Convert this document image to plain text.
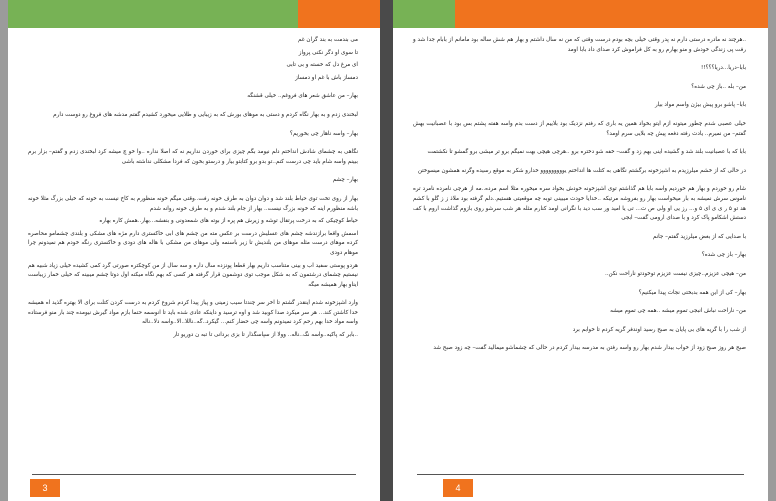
می بندمت به بند گران غم

تا سوی او دگر نکنی پرواز

ای مرغ دل که خسته و بی تابی

دمساز باش با غم او دمساز

بهار– من عاشق شعر های فروغم.. خیلی قشنگه

لبخندی زدم و به بهار نگاه کردم و دستی به موهای بورش که به زیبایی و طلایی میخورد کشیدم گفتم مدشه های فروغ رو دوست دارم

بهار– واسه ناهار چی بخوریم؟

نگاهی به چشمای شادش انداختم دلم نیومد بگم چیزی برای خوردن نداریم نه که اصلا نداره ..وا خو چ میشه کرد لبخندی زدم و گفتم– بزار برم ببینم واسه شام باید چی درست کنم..تو بدو برو کتابتو بیار و درستو بخون که فردا مشکلی نداشته باشی

بهار– چشم

بهار از روی تخت توی حیاط بلند شد و دوان دوان به طرف خونه رفت..وقتی میگم خونه منظورم به کاخ نیست به خونه که خیلی بزرگ مثلا خونه باشه منظورم اینه که خونه بزرگ نیست.. بهار از جام بلند شدم و به طرف خونه روانه شدم

حیاط کوچیکی که به درخت پرتقال توشه و زیرش هم پره از بوته های شمعدونی و بنفشه...بهار..همش کاره بهاره

اسمش واقعا برازندشه چشم های عسلیش درست بر عکس مته من چشم های ابی خاکستری دارم مژه های مشکی و بلندی چشمامو محاصره کرده موهای درست مثله موهای من بلندیش تا زیر باسنمه ولی موهای من مشکی با هاله های دودی و خاکستری رنگه خودم هم نمیدونم چرا موهام دودی

هردو پوستی سفید اب و بینی متناسب داریم بهار قطعا پونزده سال داره و سه سال از من کوچکتره صورتی گرد کمی کشیده خیلی زیاد شبیه هم نیستیم چشمای درشتمون که به شکل موجب توی دوشمون قرار گرفته هر کسی که بهم نگاه میکنه اول دوتا چشم میبینه که خیلی خمار زیباست ایناو بهار همیشه میگه

وارد اشپزخونه شدم اینقدر گشتم تا اخر سر چندتا سیب زمینی و پیاز پیدا کردم شروع کردم به درست کردن کتلت برای الا بهتره گذید اه همیشه خدا کاشتن کند... هر سر میکرد صدا کوبید شد و اوه ترسید و داینکه عادی شده باید تا انوسمه حتما بازم مواد گیرش نیومده چند بار منو فرستاده واسه مواد خدا بهم رحم کرد نمیدونم واسه چی حضار کنم... گیکرد..گه..ناللا..الا..واسه دلا..ناله

..بابر که پاکیه..واسه نگ..ناله.. وولا از سپاسگذار تا بزی بردانی تا تبه ن دوریو تار

3

..هرچند نه مادره درستی دارم نه پدر وقتی خیلی بچه بودم درست وقتی که من نه سال داشتم و بهار هم شش ساله بود مامانم از بابام جدا شد و رفت پی زندگی خودش و منو بهارم رو به کل فراموش کرد صدای داد بابا اومد

بابا–دریا...دریا؟؟؟!!

من– بله ..باز چی شده؟

بابا– پاشو برو پیش بیژن واسم مواد بیار

خیلی عصبی شدم چطور میتونه ازم ایتو بخواد همین یه باری که رفتم نزدیک بود بلاییم از دست بدم واسه هفته پشتم بس بود با عصبانیت بهش گفتم– من نمیرم.. یادت رفته دفعه پیش چه بلایی سرم اومد؟

بابا که با عصبانیت بلند شد و گشیده اینی بهم زد و گفت– خفه شو دختره برو ..هرچی هیچی بهت نمیگم برو تر میشی برو گمشو تا نکشتمت

در حالی که از خشم میلرزیدم به اشپزخونه برگشتم نگاهی به کتلت ها انداختم یووووووووو خدارو شکر به موقع رسیده وگرنه همشون میسوختن

شام رو خوردم و بهار هم خوردیم واسه بابا هم گذاشتم توی اشپزخونه خودش بخواد سره میخوره مثلا اسم مرده..مه از هرچی نامرده نامرد تره ناموس سرش نمیشه به بار میخواست بهار رو بفروشه مرتیکه ..خدایا خودت میبینی توبه چه موقعیتی هستیم..دلم گرفته بود ملاذ ز ز گلو با کشم هد تو ۵ ر ی ی ای ۵ و... رز یی او ولی ص ت... تی یا امید ور سب دید با نگرانی اومد کنارم مثله هر شب سرشو روی بازوم گذاشت اروم با کف دستش اشکامو پاک کرد و با صدای ارومی گفت– ابجی

با صدایی که از بغض میلرزید گفتم– جانم

بهار– باز چی شده؟

من– هیچی عزیزم..چیزی نیست عزیزم توخودتو ناراحت نکن..

بهار– کی از این همه بدبختی نجات پیدا میکنیم؟

من– ناراحت نباش انبجی تموم میشه ..همه چی تموم میشه

از شب را با گریه های بی پایان به صبح رسید اوندفر گریه کردم تا خوابم برد

صبح هر روز صبح زود از خواب بیدار شدم بهار رو واسه رفتن به مدرسه بیدار کردم در حالی که چشماشو میمالید گفت– چه زود صبح شد

4
